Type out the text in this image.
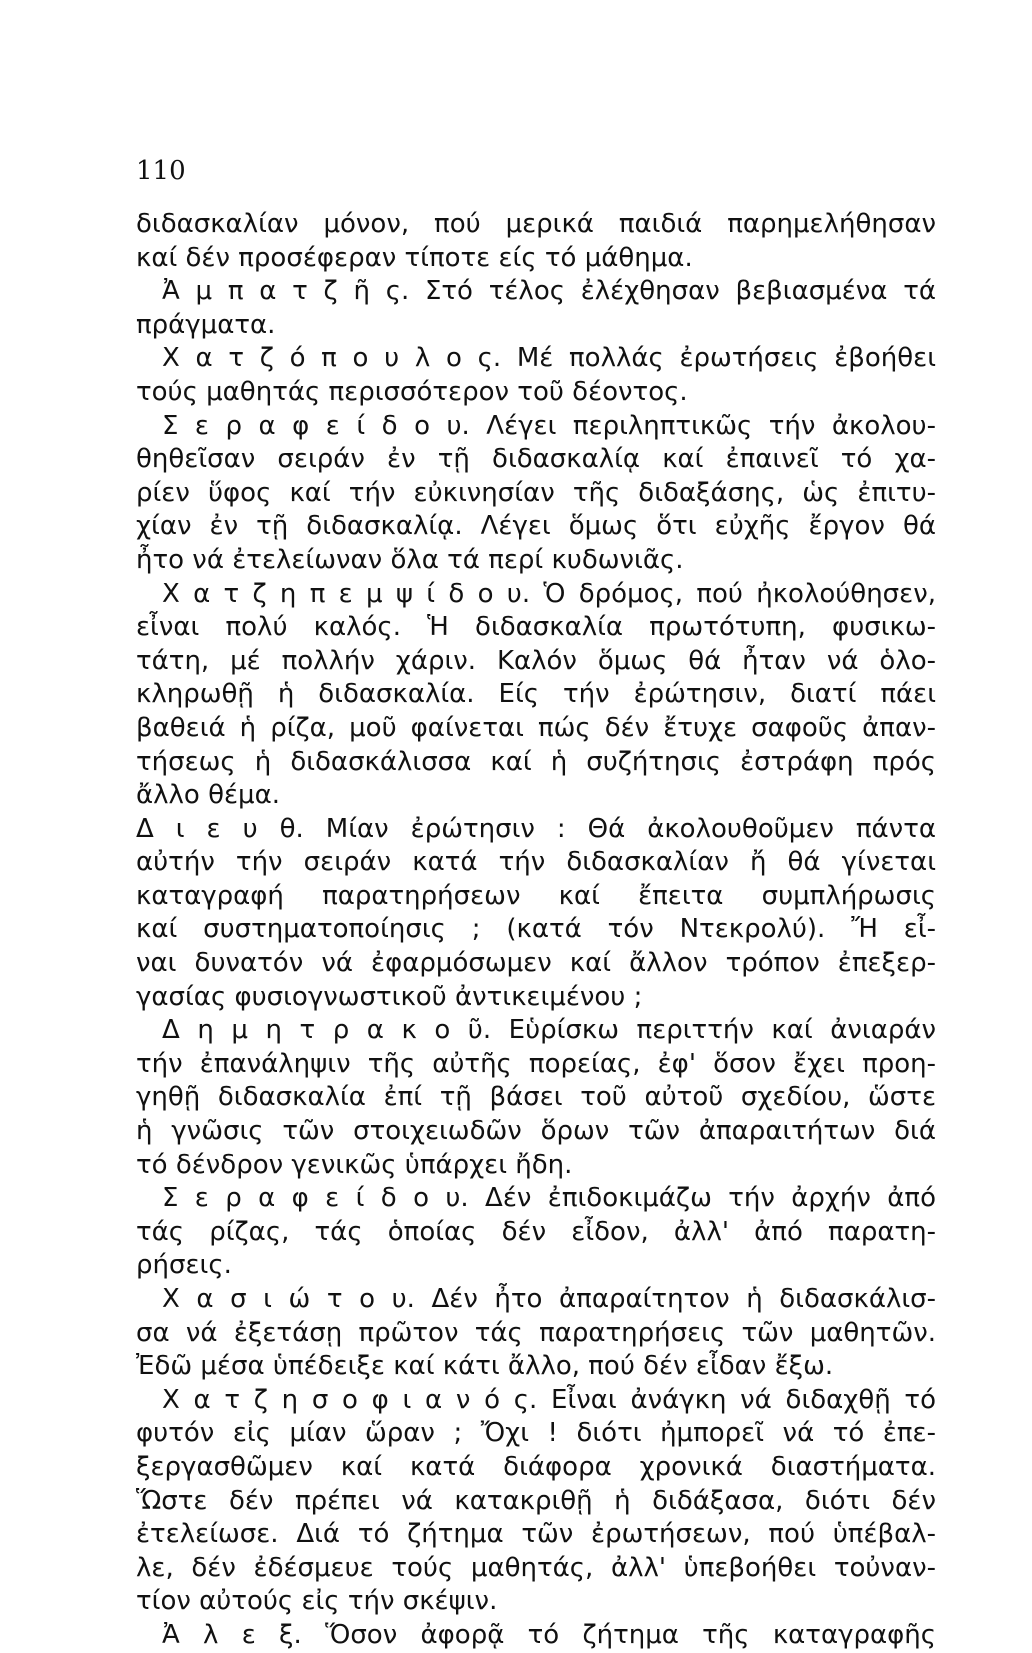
110
διδασκαλίαν μόνον, πού μερικά παιδιά παρημελήθησαν
καί δέν προσέφεραν τίποτε είς τό μάθημα.
Ἀ μ π α τ ζ ῆ ς. Στό τέλος ἐλέχθησαν βεβιασμένα τά
πράγματα.
Χ α τ ζ ό π ο υ λ ο ς. Μέ πολλάς ἐρωτήσεις ἐβοήθει
τούς μαθητάς περισσότερον τοῦ δέοντος.
Σ ε ρ α φ ε ί δ ο υ. Λέγει περιληπτικῶς τήν ἀκολου-
θηθεῖσαν σειράν ἐν τῇ διδασκαλίᾳ καί ἐπαινεῖ τό χα-
ρίεν ὕφος καί τήν εὐκινησίαν τῆς διδαξάσης, ὡς ἐπιτυ-
χίαν ἐν τῇ διδασκαλίᾳ. Λέγει ὅμως ὅτι εὐχῆς ἔργον θά
ἦτο νά ἐτελείωναν ὅλα τά περί κυδωνιᾶς.
Χ α τ ζ η π ε μ ψ ί δ ο υ. Ὁ δρόμος, πού ἠκολούθησεν,
εἶναι πολύ καλός. Ἡ διδασκαλία πρωτότυπη, φυσικω-
τάτη, μέ πολλήν χάριν. Καλόν ὅμως θά ἦταν νά ὁλο-
κληρωθῇ ἡ διδασκαλία. Είς τήν ἐρώτησιν, διατί πάει
βαθειά ἡ ρίζα, μοῦ φαίνεται πώς δέν ἔτυχε σαφοῦς ἀπαν-
τήσεως ἡ διδασκάλισσα καί ἡ συζήτησις ἐστράφη πρός
ἄλλο θέμα.
Δ ι ε υ θ. Μίαν ἐρώτησιν : Θά ἀκολουθοῦμεν πάντα
αὐτήν τήν σειράν κατά τήν διδασκαλίαν ἤ θά γίνεται
καταγραφή παρατηρήσεων καί ἔπειτα συμπλήρωσις
καί συστηματοποίησις ; (κατά τόν Ντεκρολύ). Ἤ εἶ-
ναι δυνατόν νά ἐφαρμόσωμεν καί ἄλλον τρόπον ἐπεξερ-
γασίας φυσιογνωστικοῦ ἀντικειμένου ;
Δ η μ η τ ρ α κ ο ῦ. Εὑρίσκω περιττήν καί ἀνιαράν
τήν ἐπανάληψιν τῆς αὐτῆς πορείας, ἐφ' ὅσον ἔχει προη-
γηθῇ διδασκαλία ἐπί τῇ βάσει τοῦ αὐτοῦ σχεδίου, ὥστε
ἡ γνῶσις τῶν στοιχειωδῶν ὅρων τῶν ἀπαραιτήτων διά
τό δένδρον γενικῶς ὑπάρχει ἤδη.
Σ ε ρ α φ ε ί δ ο υ. Δέν ἐπιδοκιμάζω τήν ἀρχήν ἀπό
τάς ρίζας, τάς ὁποίας δέν εἶδον, ἀλλ' ἀπό παρατη-
ρήσεις.
Χ α σ ι ώ τ ο υ. Δέν ἦτο ἀπαραίτητον ἡ διδασκάλισ-
σα νά ἐξετάσῃ πρῶτον τάς παρατηρήσεις τῶν μαθητῶν.
Ἐδῶ μέσα ὑπέδειξε καί κάτι ἄλλο, πού δέν εἶδαν ἔξω.
Χ α τ ζ η σ ο φ ι α ν ό ς. Εἶναι ἀνάγκη νά διδαχθῇ τό
φυτόν εἰς μίαν ὥραν ; Ὄχι ! διότι ἠμπορεῖ νά τό ἐπε-
ξεργασθῶμεν καί κατά διάφορα χρονικά διαστήματα.
Ὥστε δέν πρέπει νά κατακριθῇ ἡ διδάξασα, διότι δέν
ἐτελείωσε. Διά τό ζήτημα τῶν ἐρωτήσεων, πού ὑπέβαλ-
λε, δέν ἐδέσμευε τούς μαθητάς, ἀλλ' ὑπεβοήθει τοὐναν-
τίον αὐτούς εἰς τήν σκέψιν.
Ἀ λ ε ξ. Ὅσον ἀφορᾷ τό ζήτημα τῆς καταγραφῆς
